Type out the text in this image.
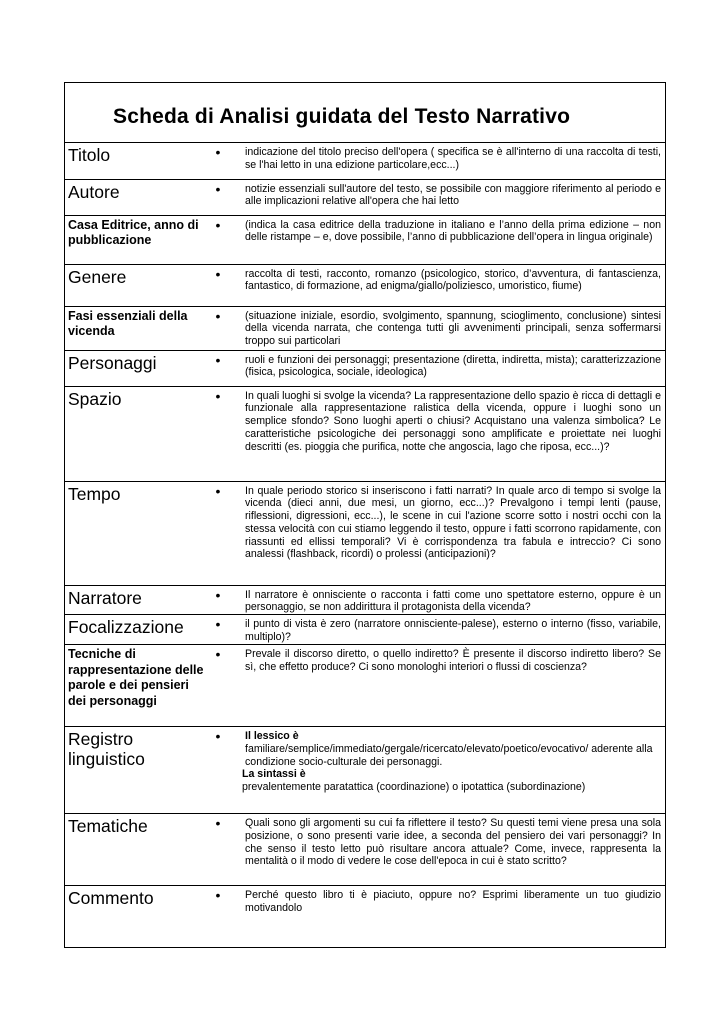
Scheda di Analisi guidata del Testo Narrativo
Titolo	•	indicazione del titolo preciso dell'opera ( specifica se è all'interno di una raccolta di testi, se l'hai letto in una edizione particolare,ecc...)
Autore	•	notizie essenziali sull'autore del testo, se possibile con maggiore riferimento al periodo e alle implicazioni relative all'opera che hai letto
Casa Editrice, anno di pubblicazione	•	(indica la casa editrice della traduzione in italiano e l’anno della prima edizione – non delle ristampe – e, dove possibile, l’anno di pubblicazione dell’opera in lingua originale)
Genere	•	raccolta di testi, racconto, romanzo (psicologico, storico, d’avventura, di fantascienza, fantastico, di formazione, ad enigma/giallo/poliziesco, umoristico, fiume)
Fasi essenziali della vicenda	•	(situazione iniziale, esordio, svolgimento, spannung, scioglimento, conclusione) sintesi della vicenda narrata, che contenga tutti gli avvenimenti principali, senza soffermarsi troppo sui particolari
Personaggi	•	ruoli e funzioni dei personaggi; presentazione (diretta, indiretta, mista); caratterizzazione (fisica, psicologica, sociale, ideologica)
Spazio	•	In quali luoghi si svolge la vicenda? La rappresentazione dello spazio è ricca di dettagli e funzionale alla rappresentazione ralistica della vicenda, oppure i luoghi sono un semplice sfondo? Sono luoghi aperti o chiusi? Acquistano una valenza simbolica? Le caratteristiche psicologiche dei personaggi sono amplificate e proiettate nei luoghi descritti (es. pioggia che purifica, notte che angoscia, lago che riposa, ecc...)?
Tempo	•	In quale periodo storico si inseriscono i fatti narrati? In quale arco di tempo si svolge la vicenda (dieci anni, due mesi, un giorno, ecc...)? Prevalgono i tempi lenti (pause, riflessioni, digressioni, ecc...), le scene in cui l'azione scorre sotto i nostri occhi con la stessa velocità con cui stiamo leggendo il testo, oppure i fatti scorrono rapidamente, con riassunti ed ellissi temporali? Vi è corrispondenza tra fabula e intreccio? Ci sono analessi (flashback, ricordi) o prolessi (anticipazioni)?
Narratore	•	Il narratore è onnisciente o racconta i fatti come uno spettatore esterno, oppure è un personaggio, se non addirittura il protagonista della vicenda?
Focalizzazione	•	il punto di vista è zero (narratore onnisciente-palese), esterno o interno (fisso, variabile, multiplo)?
Tecniche di rappresentazione delle parole e dei pensieri dei personaggi	•	Prevale il discorso diretto, o quello indiretto? È presente il discorso indiretto libero? Se sì, che effetto produce? Ci sono monologhi interiori o flussi di coscienza?
Registro linguistico	•	Il lessico è
familiare/semplice/immediato/gergale/ricercato/elevato/poetico/evocativo/ aderente alla condizione socio-culturale dei personaggi.
La sintassi è
prevalentemente paratattica (coordinazione) o ipotattica (subordinazione)

Tematiche	•	Quali sono gli argomenti su cui fa riflettere il testo? Su questi temi viene presa una sola posizione, o sono presenti varie idee, a seconda del pensiero dei vari personaggi? In che senso il testo letto può risultare ancora attuale? Come, invece, rappresenta la mentalità o il modo di vedere le cose dell'epoca in cui è stato scritto?
Commento	•	Perché questo libro ti è piaciuto, oppure no? Esprimi liberamente un tuo giudizio motivandolo
